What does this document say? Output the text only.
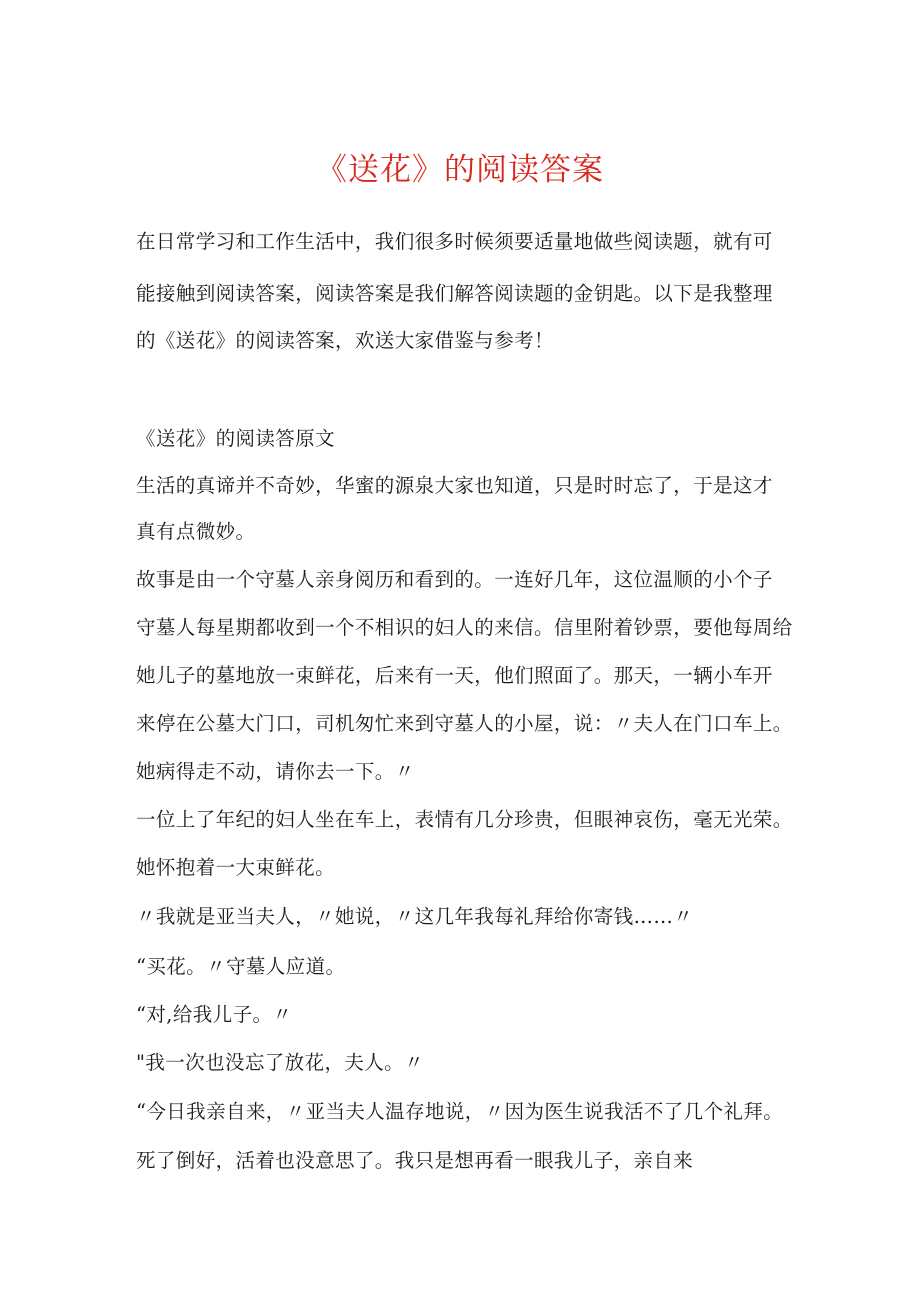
《送花》的阅读答案
在日常学习和工作生活中，我们很多时候须要适量地做些阅读题，就有可
能接触到阅读答案，阅读答案是我们解答阅读题的金钥匙。以下是我整理
的《送花》的阅读答案，欢送大家借鉴与参考！
《送花》的阅读答原文
生活的真谛并不奇妙，华蜜的源泉大家也知道，只是时时忘了，于是这才
真有点微妙。
故事是由一个守墓人亲身阅历和看到的。一连好几年，这位温顺的小个子
守墓人每星期都收到一个不相识的妇人的来信。信里附着钞票，要他每周给
她儿子的墓地放一束鲜花，后来有一天，他们照面了。那天，一辆小车开
来停在公墓大门口，司机匆忙来到守墓人的小屋，说：〃夫人在门口车上。
她病得走不动，请你去一下。〃
一位上了年纪的妇人坐在车上，表情有几分珍贵，但眼神哀伤，毫无光荣。
她怀抱着一大束鲜花。
〃我就是亚当夫人，〃她说，〃这几年我每礼拜给你寄钱……〃
“买花。〃守墓人应道。
“对,给我儿子。〃
"我一次也没忘了放花，夫人。〃
“今日我亲自来，〃亚当夫人温存地说，〃因为医生说我活不了几个礼拜。
死了倒好，活着也没意思了。我只是想再看一眼我儿子，亲自来
